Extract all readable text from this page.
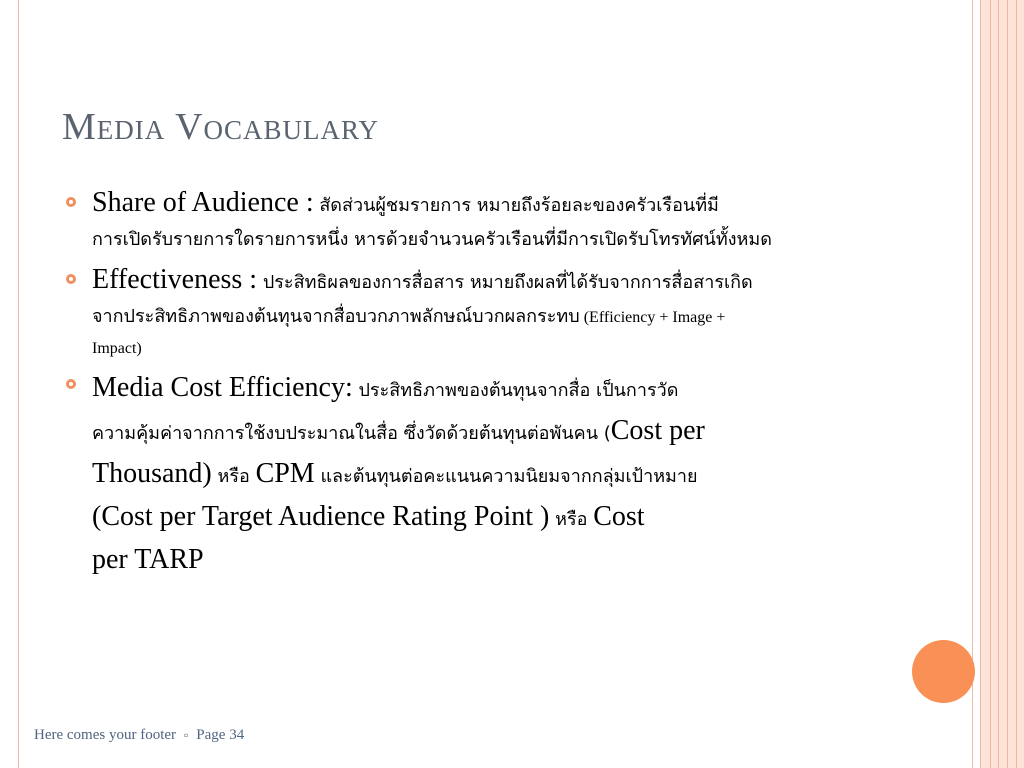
Media Vocabulary
Share of Audience : สัดส่วนผู้ชมรายการ หมายถึงร้อยละของครัวเรือนที่มี
การเปิดรับรายการใดรายการหนึ่ง หารด้วยจำนวนครัวเรือนที่มีการเปิดรับโทรทัศน์ทั้งหมด
Effectiveness : ประสิทธิผลของการสื่อสาร หมายถึงผลที่ได้รับจากการสื่อสารเกิด
จากประสิทธิภาพของต้นทุนจากสื่อบวกภาพลักษณ์บวกผลกระทบ (Efficiency + Image +
Impact)
Media Cost Efficiency: ประสิทธิภาพของต้นทุนจากสื่อ เป็นการวัด
ความคุ้มค่าจากการใช้งบประมาณในสื่อ ซึ่งวัดด้วยต้นทุนต่อพันคน (Cost per
Thousand) หรือ CPM และต้นทุนต่อคะแนนความนิยมจากกลุ่มเป้าหมาย
(Cost per Target Audience Rating Point ) หรือ Cost
per TARP
Here comes your footer ▫ Page 34
